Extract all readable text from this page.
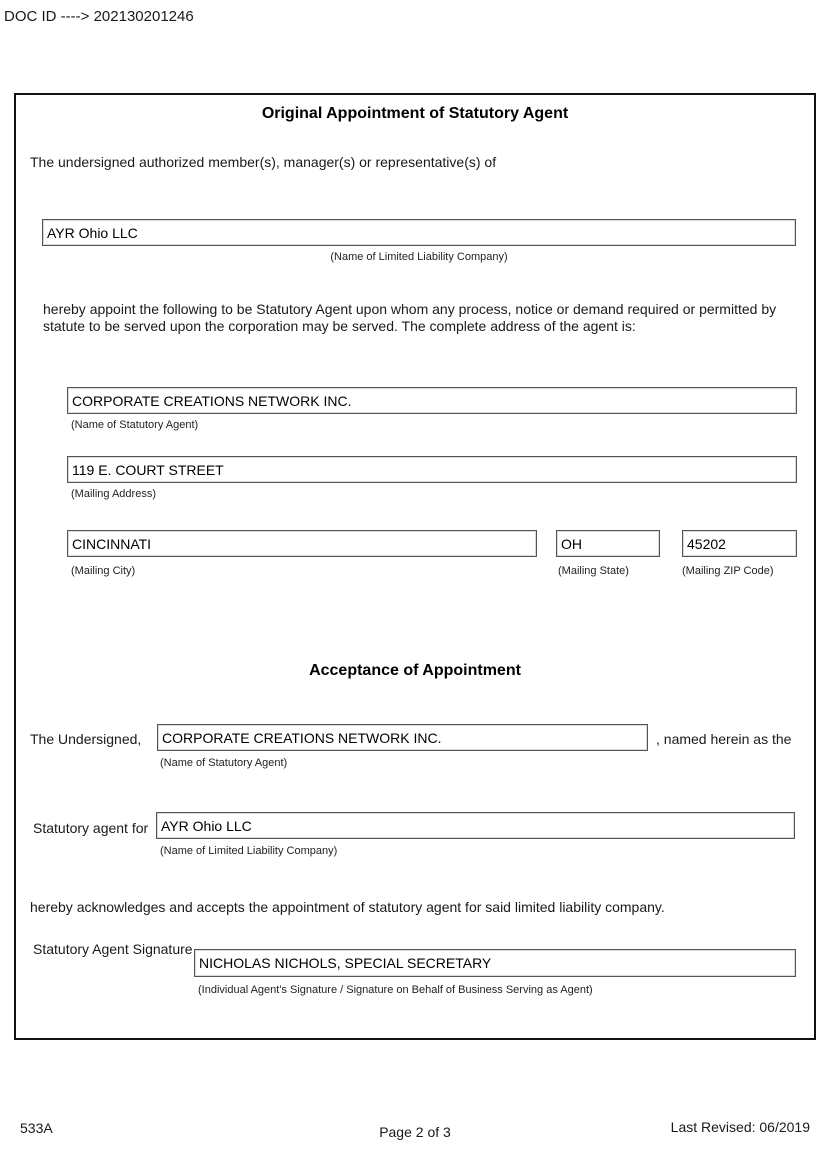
DOC ID ----> 202130201246
Original Appointment of Statutory Agent
The undersigned authorized member(s), manager(s) or representative(s) of
AYR Ohio LLC
(Name of Limited Liability Company)
hereby appoint the following to be Statutory Agent upon whom any process, notice or demand required or permitted by statute to be served upon the corporation may be served. The complete address of the agent is:
CORPORATE CREATIONS NETWORK INC.
(Name of Statutory Agent)
119 E. COURT STREET
(Mailing Address)
CINCINNATI	OH	45202
(Mailing City)	(Mailing State)	(Mailing ZIP Code)
Acceptance of Appointment
The Undersigned,	CORPORATE CREATIONS NETWORK INC.	, named herein as the
(Name of Statutory Agent)
Statutory agent for AYR Ohio LLC
(Name of Limited Liability Company)
hereby acknowledges and accepts the appointment of statutory agent for said limited liability company.
Statutory Agent Signature
NICHOLAS NICHOLS, SPECIAL SECRETARY
(Individual Agent's Signature / Signature on Behalf of Business Serving as Agent)
533A	Page 2 of 3	Last Revised: 06/2019
